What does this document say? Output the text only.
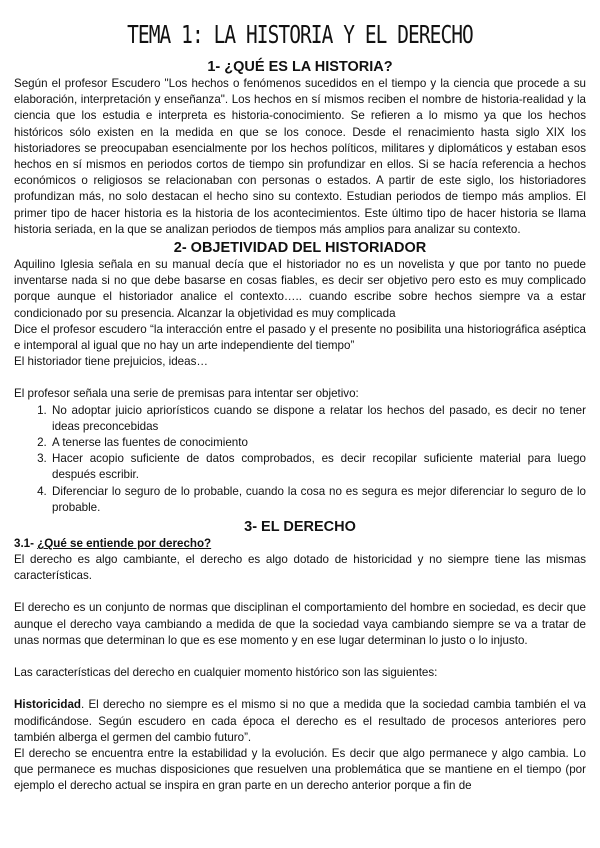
TEMA 1: LA HISTORIA Y EL DERECHO
1- ¿QUÉ ES LA HISTORIA?

Según el profesor Escudero "Los hechos o fenómenos sucedidos en el tiempo y la ciencia que procede a su elaboración, interpretación y enseñanza". Los hechos en sí mismos reciben el nombre de historia-realidad y la ciencia que los estudia e interpreta es historia-conocimiento. Se refieren a lo mismo ya que los hechos históricos sólo existen en la medida en que se los conoce. Desde el renacimiento hasta siglo XIX los historiadores se preocupaban esencialmente por los hechos políticos, militares y diplomáticos y estaban esos hechos en sí mismos en periodos cortos de tiempo sin profundizar en ellos. Si se hacía referencia a hechos económicos o religiosos se relacionaban con personas o estados. A partir de este siglo, los historiadores profundizan más, no solo destacan el hecho sino su contexto. Estudian periodos de tiempo más amplios. El primer tipo de hacer historia es la historia de los acontecimientos. Este último tipo de hacer historia se llama historia seriada, en la que se analizan periodos de tiempos más amplios para analizar su contexto.

2- OBJETIVIDAD DEL HISTORIADOR

Aquilino Iglesia señala en su manual decía que el historiador no es un novelista y que por tanto no puede inventarse nada si no que debe basarse en cosas fiables, es decir ser objetivo pero esto es muy complicado porque aunque el historiador analice el contexto….. cuando escribe sobre hechos siempre va a estar condicionado por su presencia. Alcanzar la objetividad es muy complicada

Dice el profesor escudero “la interacción entre el pasado y el presente no posibilita una historiográfica aséptica e intemporal al igual que no hay un arte independiente del tiempo”

El historiador tiene prejuicios, ideas…

El profesor señala una serie de premisas para intentar ser objetivo:

1. No adoptar juicio apriorísticos cuando se dispone a relatar los hechos del pasado, es decir no tener ideas preconcebidas
2. A tenerse las fuentes de conocimiento
3. Hacer acopio suficiente de datos comprobados, es decir recopilar suficiente material para luego después escribir.
4. Diferenciar lo seguro de lo probable, cuando la cosa no es segura es mejor diferenciar lo seguro de lo probable.
3- EL DERECHO
3.1- ¿Qué se entiende por derecho?

El derecho es algo cambiante, el derecho es algo dotado de historicidad y no siempre tiene las mismas características.

El derecho es un conjunto de normas que disciplinan el comportamiento del hombre en sociedad, es decir que aunque el derecho vaya cambiando a medida de que la sociedad vaya cambiando siempre se va a tratar de unas normas que determinan lo que es ese momento y en ese lugar determinan lo justo o lo injusto.

Las características del derecho en cualquier momento histórico son las siguientes:

Historicidad. El derecho no siempre es el mismo si no que a medida que la sociedad cambia también el va modificándose. Según escudero en cada época el derecho es el resultado de procesos anteriores pero también alberga el germen del cambio futuro”.

El derecho se encuentra entre la estabilidad y la evolución. Es decir que algo permanece y algo cambia. Lo que permanece es muchas disposiciones que resuelven una problemática que se mantiene en el tiempo (por ejemplo el derecho actual se inspira en gran parte en un derecho anterior porque a fin de
